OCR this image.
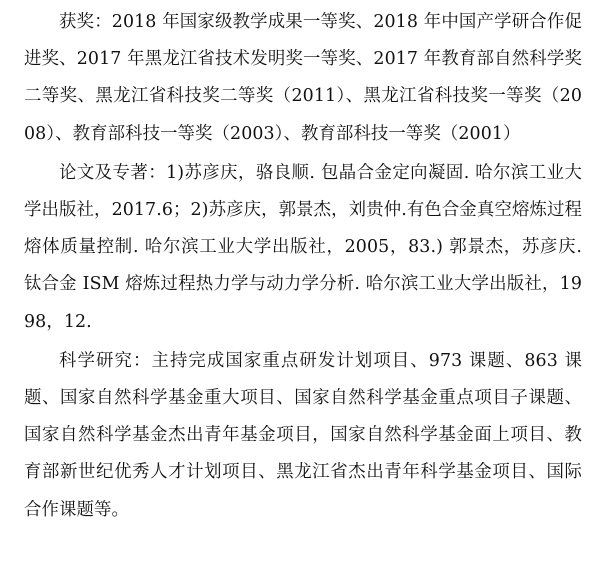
获奖：2018 年国家级教学成果一等奖、2018 年中国产学研合作促进奖、2017 年黑龙江省技术发明奖一等奖、2017 年教育部自然科学奖二等奖、黑龙江省科技奖二等奖（2011）、黑龙江省科技奖一等奖（2008）、教育部科技一等奖（2003）、教育部科技一等奖（2001）

论文及专著：1)苏彦庆，骆良顺. 包晶合金定向凝固. 哈尔滨工业大学出版社，2017.6；2)苏彦庆，郭景杰，刘贵仲.有色合金真空熔炼过程熔体质量控制. 哈尔滨工业大学出版社，2005，83.) 郭景杰，苏彦庆. 钛合金 ISM 熔炼过程热力学与动力学分析. 哈尔滨工业大学出版社，1998，12.

科学研究：主持完成国家重点研发计划项目、973 课题、863 课题、国家自然科学基金重大项目、国家自然科学基金重点项目子课题、国家自然科学基金杰出青年基金项目，国家自然科学基金面上项目、教育部新世纪优秀人才计划项目、黑龙江省杰出青年科学基金项目、国际合作课题等。
